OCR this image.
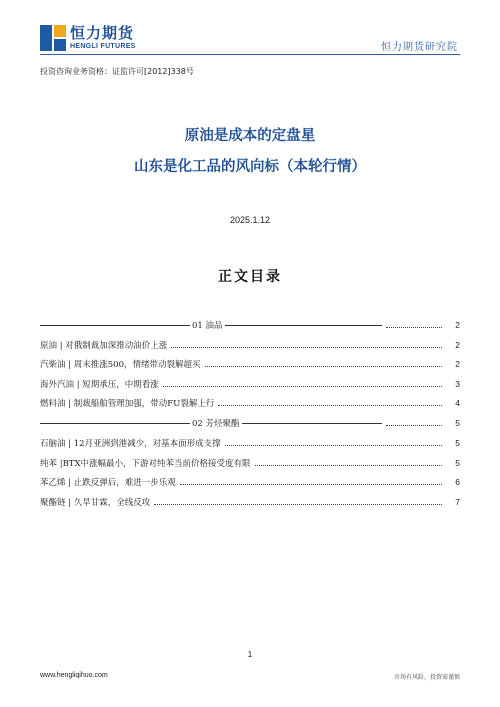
恒力期货
HENGLI FUTURES	恒力期货研究院
投资咨询业务资格：证监许可[2012]338号
原油是成本的定盘星
山东是化工品的风向标（本轮行情）
2025.1.12
正文目录
01 油品	2
原油 | 对俄制裁加深推动油价上涨	2
汽柴油 | 周末推涨500，情绪带动裂解超买	2
海外汽油 | 短期承压，中期看涨	3
燃料油 | 制裁船舶管理加强，带动FU裂解上行	4
02 芳烃聚酯	5
石脑油 | 12月亚洲到港减少，对基本面形成支撑	5
纯苯 |BTX中涨幅最小，下游对纯苯当前价格接受度有限	5
苯乙烯 | 止跌反弹后，难进一步乐观	6
聚酯链 | 久旱甘霖，全线反攻	7
1
www.hengliqihuo.com	市场有风险，投资需谨慎
